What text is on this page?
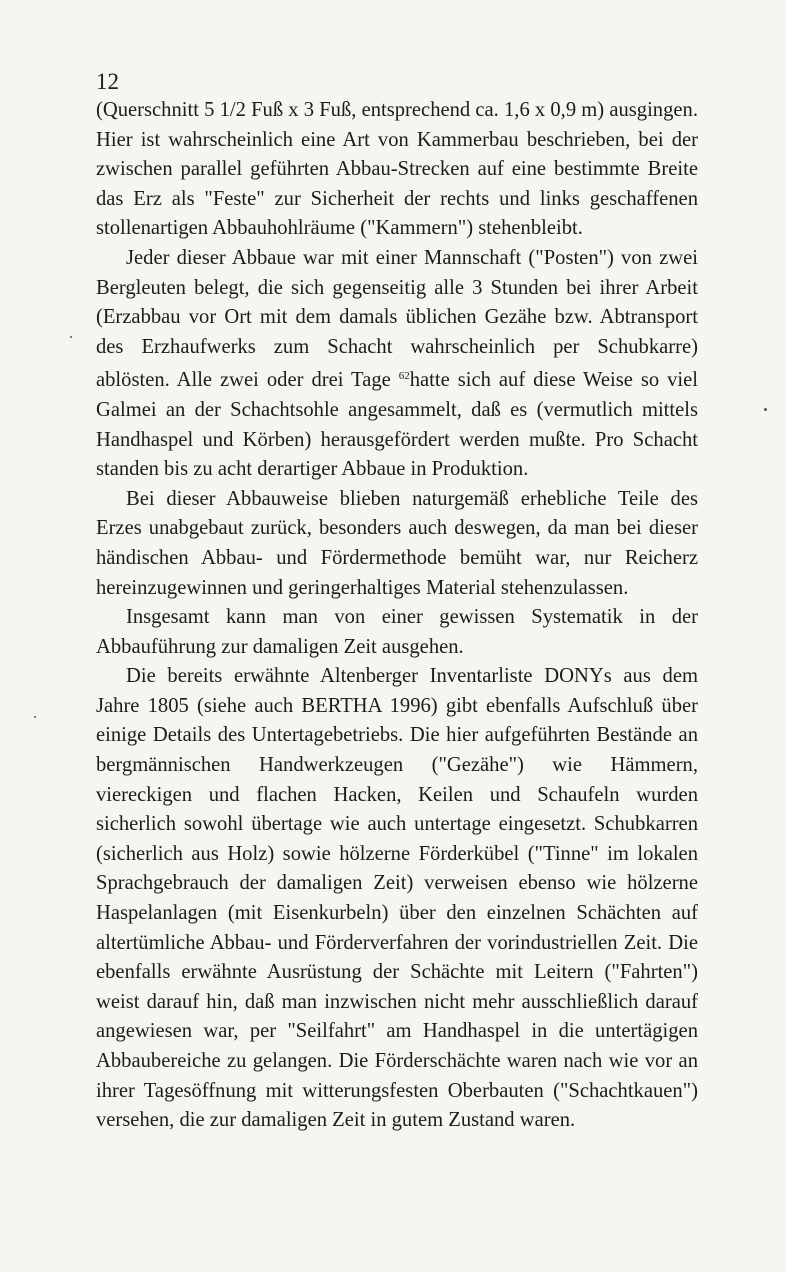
12

(Querschnitt 5 1/2 Fuß x 3 Fuß, entsprechend ca. 1,6 x 0,9 m) ausgingen. Hier ist wahrscheinlich eine Art von Kammerbau beschrieben, bei der zwischen parallel geführten Abbau-Strecken auf eine bestimmte Breite das Erz als "Feste" zur Sicherheit der rechts und links geschaffenen stollenartigen Abbauhohlräume ("Kammern") stehenbleibt.

Jeder dieser Abbaue war mit einer Mannschaft ("Posten") von zwei Bergleuten belegt, die sich gegenseitig alle 3 Stunden bei ihrer Arbeit (Erzabbau vor Ort mit dem damals üblichen Gezähe bzw. Abtransport des Erzhaufwerks zum Schacht wahrscheinlich per Schubkarre) ablösten. Alle zwei oder drei Tage $^{62}$hatte sich auf diese Weise so viel Galmei an der Schachtsohle angesammelt, daß es (vermutlich mittels Handhaspel und Körben) herausgefördert werden mußte. Pro Schacht standen bis zu acht derartiger Abbaue in Produktion.

Bei dieser Abbauweise blieben naturgemäß erhebliche Teile des Erzes unabgebaut zurück, besonders auch deswegen, da man bei dieser händischen Abbau- und Fördermethode bemüht war, nur Reicherz hereinzugewinnen und geringerhaltiges Material stehenzulassen.

Insgesamt kann man von einer gewissen Systematik in der Abbauführung zur damaligen Zeit ausgehen.

Die bereits erwähnte Altenberger Inventarliste DONYs aus dem Jahre 1805 (siehe auch BERTHA 1996) gibt ebenfalls Aufschluß über einige Details des Untertagebetriebs. Die hier aufgeführten Bestände an bergmännischen Handwerkzeugen ("Gezähe") wie Hämmern, viereckigen und flachen Hacken, Keilen und Schaufeln wurden sicherlich sowohl übertage wie auch untertage eingesetzt. Schubkarren (sicherlich aus Holz) sowie hölzerne Förderkübel ("Tinne" im lokalen Sprachgebrauch der damaligen Zeit) verweisen ebenso wie hölzerne Haspelanlagen (mit Eisenkurbeln) über den einzelnen Schächten auf altertümliche Abbau- und Förderverfahren der vorindustriellen Zeit. Die ebenfalls erwähnte Ausrüstung der Schächte mit Leitern ("Fahrten") weist darauf hin, daß man inzwischen nicht mehr ausschließlich darauf angewiesen war, per "Seilfahrt" am Handhaspel in die untertägigen Abbaubereiche zu gelangen. Die Förderschächte waren nach wie vor an ihrer Tagesöffnung mit witterungsfesten Oberbauten ("Schachtkauen") versehen, die zur damaligen Zeit in gutem Zustand waren.
